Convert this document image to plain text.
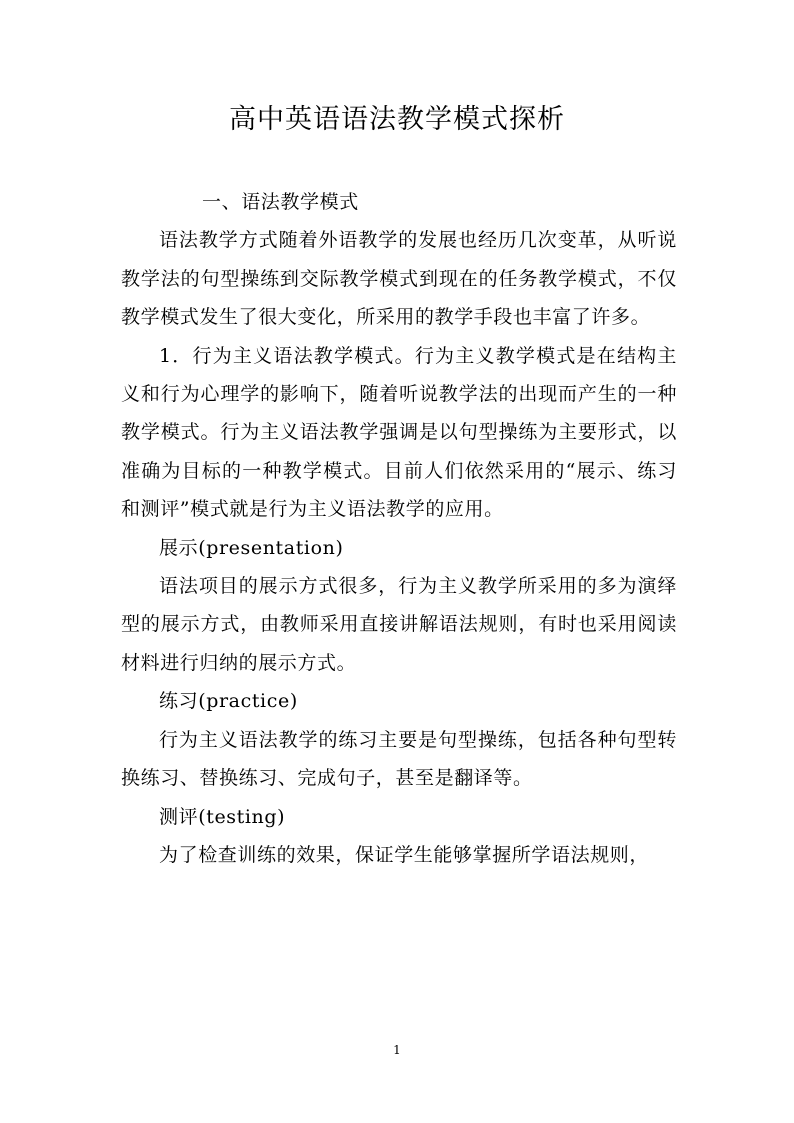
高中英语语法教学模式探析

一、语法教学模式

语法教学方式随着外语教学的发展也经历几次变革，从听说教学法的句型操练到交际教学模式到现在的任务教学模式，不仅教学模式发生了很大变化，所采用的教学手段也丰富了许多。

1．行为主义语法教学模式。行为主义教学模式是在结构主义和行为心理学的影响下，随着听说教学法的出现而产生的一种教学模式。行为主义语法教学强调是以句型操练为主要形式，以准确为目标的一种教学模式。目前人们依然采用的“展示、练习和测评”模式就是行为主义语法教学的应用。

展示(presentation)

语法项目的展示方式很多，行为主义教学所采用的多为演绎型的展示方式，由教师采用直接讲解语法规则，有时也采用阅读材料进行归纳的展示方式。

练习(practice)

行为主义语法教学的练习主要是句型操练，包括各种句型转换练习、替换练习、完成句子，甚至是翻译等。

测评(testing)

为了检查训练的效果，保证学生能够掌握所学语法规则，

1
